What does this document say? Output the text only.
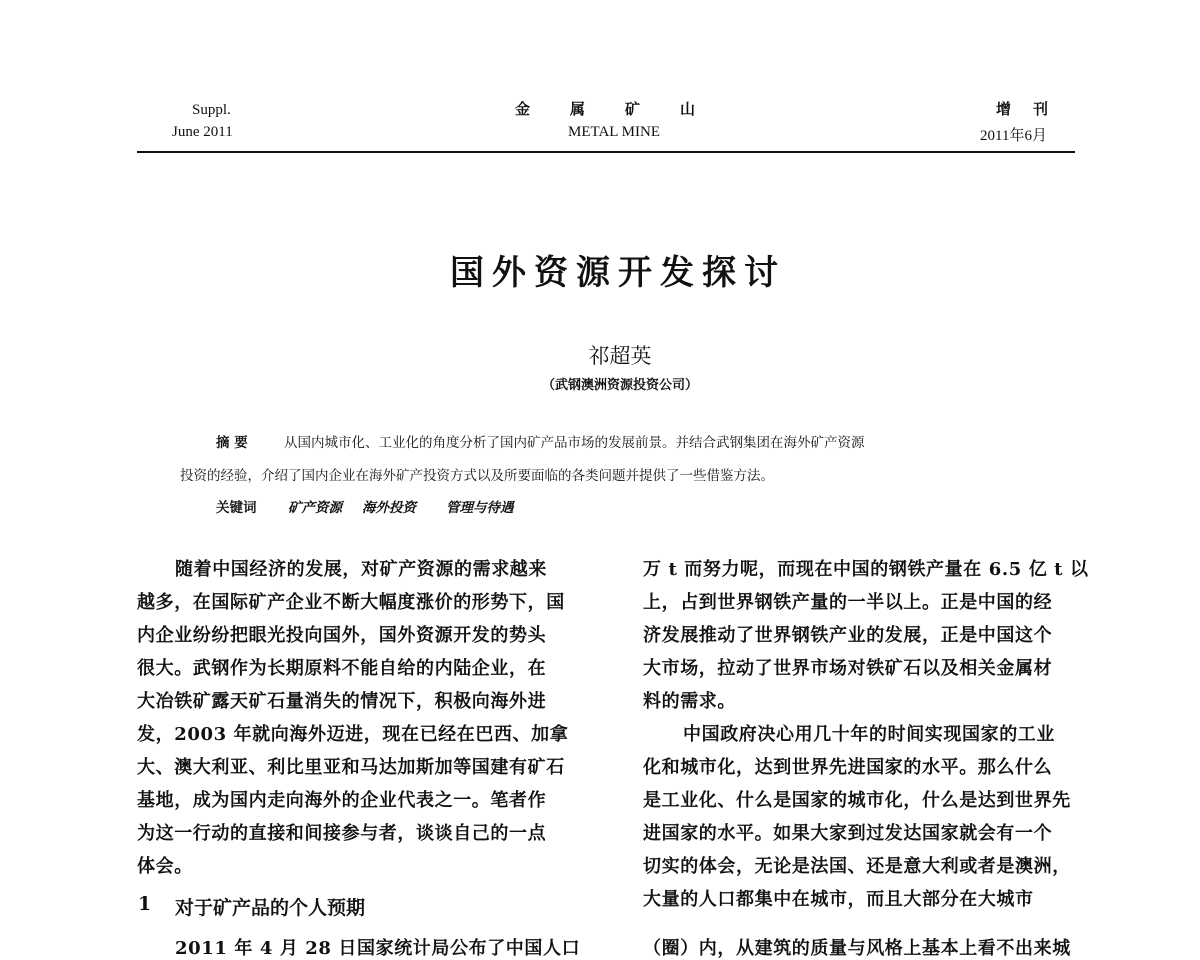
Suppl.
June 2011
金属矿山
METAL MINE
增刊
2011年6月
国外资源开发探讨
祁超英
（武钢澳洲资源投资公司）
摘 要	从国内城市化、工业化的角度分析了国内矿产品市场的发展前景。并结合武钢集团在海外矿产资源
投资的经验，介绍了国内企业在海外矿产投资方式以及所要面临的各类问题并提供了一些借鉴方法。
关键词 矿产资源 海外投资 管理与待遇
随着中国经济的发展，对矿产资源的需求越来
越多，在国际矿产企业不断大幅度涨价的形势下，国
内企业纷纷把眼光投向国外，国外资源开发的势头
很大。武钢作为长期原料不能自给的内陆企业，在
大冶铁矿露天矿石量消失的情况下，积极向海外进
发，2003 年就向海外迈进，现在已经在巴西、加拿
大、澳大利亚、利比里亚和马达加斯加等国建有矿石
基地，成为国内走向海外的企业代表之一。笔者作
为这一行动的直接和间接参与者，谈谈自己的一点
体会。
1 对于矿产品的个人预期
2011 年 4 月 28 日国家统计局公布了中国人口
万 t 而努力呢，而现在中国的钢铁产量在 6.5 亿 t 以
上，占到世界钢铁产量的一半以上。正是中国的经
济发展推动了世界钢铁产业的发展，正是中国这个
大市场，拉动了世界市场对铁矿石以及相关金属材
料的需求。
中国政府决心用几十年的时间实现国家的工业
化和城市化，达到世界先进国家的水平。那么什么
是工业化、什么是国家的城市化，什么是达到世界先
进国家的水平。如果大家到过发达国家就会有一个
切实的体会，无论是法国、还是意大利或者是澳洲，
大量的人口都集中在城市，而且大部分在大城市
（圈）内，从建筑的质量与风格上基本上看不出来城
